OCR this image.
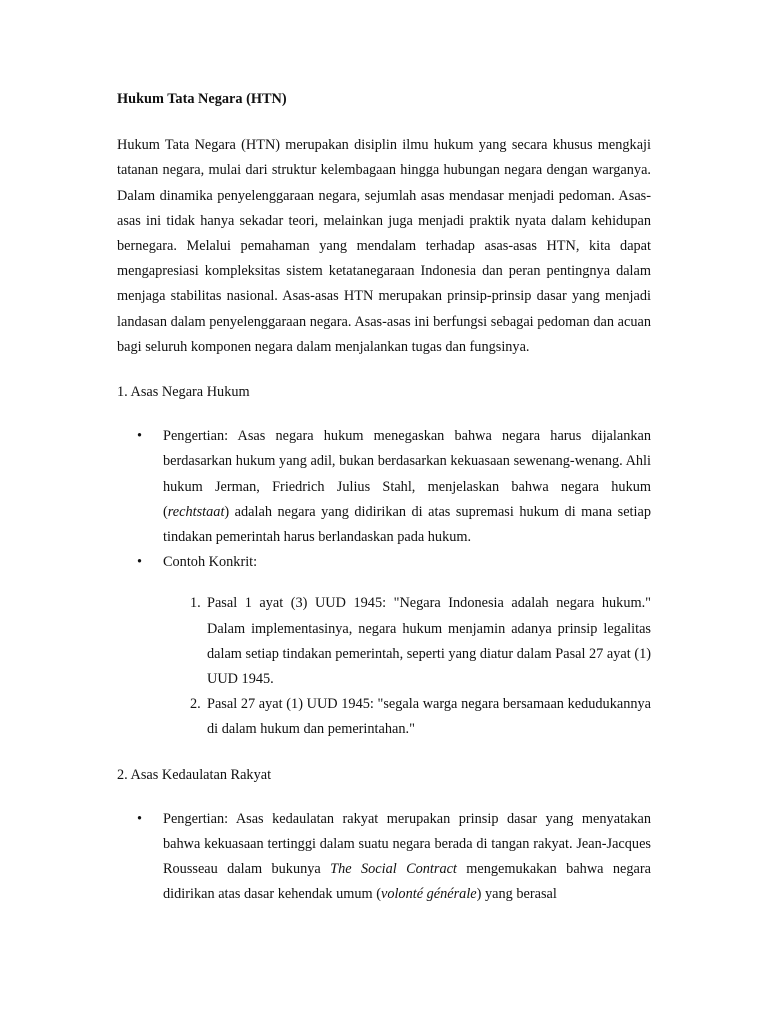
Hukum Tata Negara (HTN)

Hukum Tata Negara (HTN) merupakan disiplin ilmu hukum yang secara khusus mengkaji tatanan negara, mulai dari struktur kelembagaan hingga hubungan negara dengan warganya. Dalam dinamika penyelenggaraan negara, sejumlah asas mendasar menjadi pedoman. Asas-asas ini tidak hanya sekadar teori, melainkan juga menjadi praktik nyata dalam kehidupan bernegara. Melalui pemahaman yang mendalam terhadap asas-asas HTN, kita dapat mengapresiasi kompleksitas sistem ketatanegaraan Indonesia dan peran pentingnya dalam menjaga stabilitas nasional. Asas-asas HTN merupakan prinsip-prinsip dasar yang menjadi landasan dalam penyelenggaraan negara. Asas-asas ini berfungsi sebagai pedoman dan acuan bagi seluruh komponen negara dalam menjalankan tugas dan fungsinya.

1. Asas Negara Hukum
• Pengertian: Asas negara hukum menegaskan bahwa negara harus dijalankan berdasarkan hukum yang adil, bukan berdasarkan kekuasaan sewenang-wenang. Ahli hukum Jerman, Friedrich Julius Stahl, menjelaskan bahwa negara hukum (rechtstaat) adalah negara yang didirikan di atas supremasi hukum di mana setiap tindakan pemerintah harus berlandaskan pada hukum.
• Contoh Konkrit:
1. Pasal 1 ayat (3) UUD 1945: "Negara Indonesia adalah negara hukum." Dalam implementasinya, negara hukum menjamin adanya prinsip legalitas dalam setiap tindakan pemerintah, seperti yang diatur dalam Pasal 27 ayat (1) UUD 1945.
2. Pasal 27 ayat (1) UUD 1945: "segala warga negara bersamaan kedudukannya di dalam hukum dan pemerintahan."
2. Asas Kedaulatan Rakyat
• Pengertian: Asas kedaulatan rakyat merupakan prinsip dasar yang menyatakan bahwa kekuasaan tertinggi dalam suatu negara berada di tangan rakyat. Jean-Jacques Rousseau dalam bukunya The Social Contract mengemukakan bahwa negara didirikan atas dasar kehendak umum (volonté générale) yang berasal
